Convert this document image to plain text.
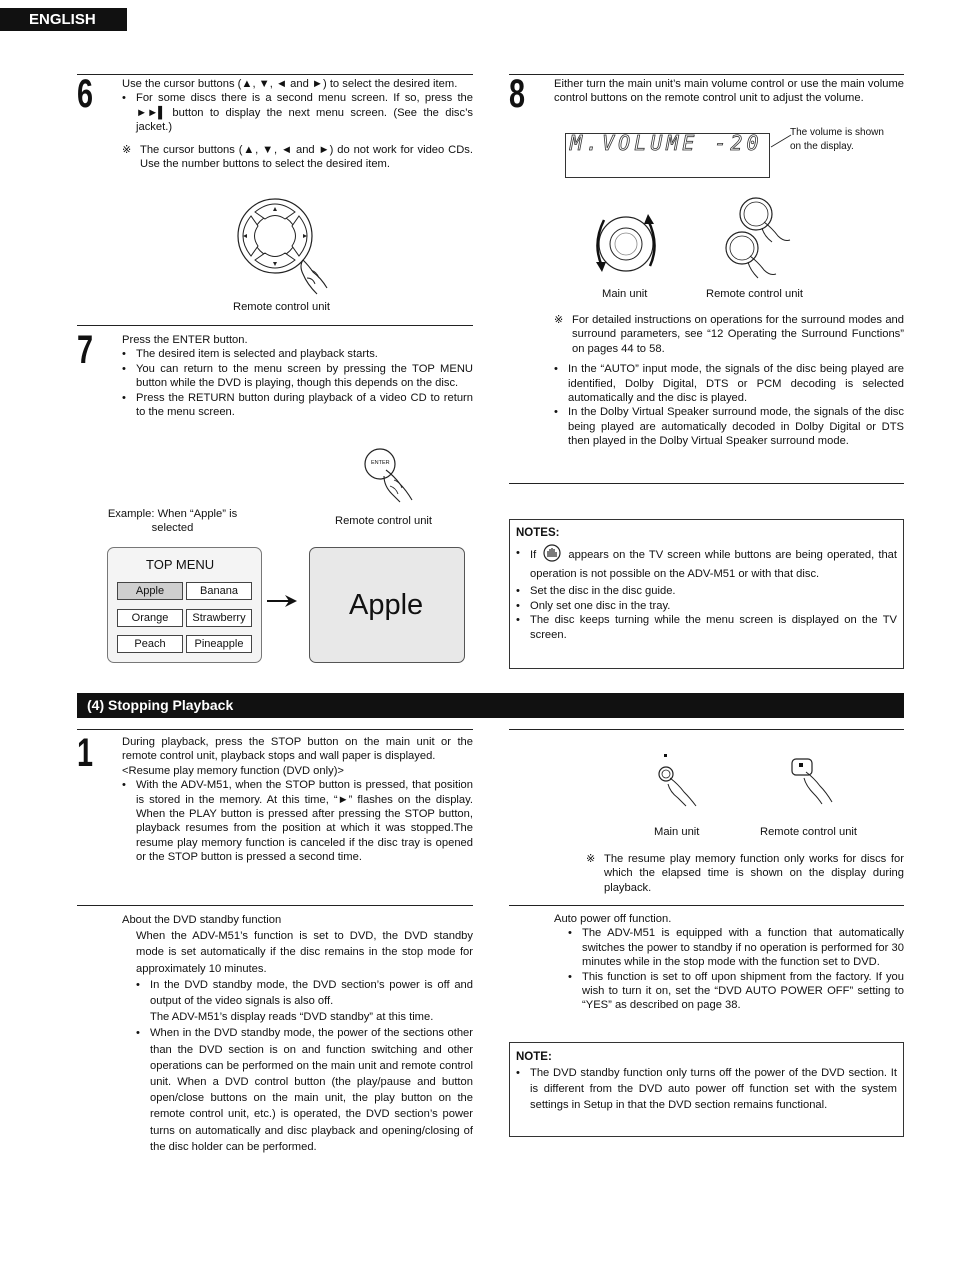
ENGLISH
6	Use the cursor buttons (▲, ▼, ◄ and ►) to select the desired item.

• For some discs there is a second menu screen. If so, press the ►►▌ button to display the next menu screen. (See the disc’s jacket.)

※ The cursor buttons (▲, ▼, ◄ and ►) do not work for video CDs. Use the number buttons to select the desired item.

Remote control unit
7	Press the ENTER button.

• The desired item is selected and playback starts.

• You can return to the menu screen by pressing the TOP MENU button while the DVD is playing, though this depends on the disc.

• Press the RETURN button during playback of a video CD to return to the menu screen.

ENTER
Remote control unit
Example: When “Apple” is
selected
TOP MENU
Apple	Banana
Orange	Strawberry
Peach	Pineapple
Apple
8	Either turn the main unit’s main volume control or use the main volume control buttons on the remote control unit to adjust the volume.
M.VOLUME -20	The volume is shown
on the display.
Main unit	Remote control unit

※ For detailed instructions on operations for the surround modes and surround parameters, see “12 Operating the Surround Functions” on pages 44 to 58.

• In the “AUTO” input mode, the signals of the disc being played are identified, Dolby Digital, DTS or PCM decoding is selected automatically and the disc is played.

• In the Dolby Virtual Speaker surround mode, the signals of the disc being played are automatically decoded in Dolby Digital or DTS then played in the Dolby Virtual Speaker surround mode.

NOTES:

• If	appears on the TV screen while buttons are being operated, that operation is not possible on the ADV-M51 or with that disc.

• Set the disc in the disc guide.

• Only set one disc in the tray.

• The disc keeps turning while the menu screen is displayed on the TV screen.

(4) Stopping Playback
1	During playback, press the STOP button on the main unit or the remote control unit, playback stops and wall paper is displayed.

<Resume play memory function (DVD only)>

• With the ADV-M51, when the STOP button is pressed, that position is stored in the memory. At this time, “►” flashes on the display. When the PLAY button is pressed after pressing the STOP button, playback resumes from the position at which it was stopped.The resume play memory function is canceled if the disc tray is opened or the STOP button is pressed a second time.

Main unit	Remote control unit

※ The resume play memory function only works for discs for which the elapsed time is shown on the display during playback.

About the DVD standby function

When the ADV-M51’s function is set to DVD, the DVD standby mode is set automatically if the disc remains in the stop mode for approximately 10 minutes.

• In the DVD standby mode, the DVD section’s power is off and output of the video signals is also off.

The ADV-M51’s display reads “DVD standby” at this time.

• When in the DVD standby mode, the power of the sections other than the DVD section is on and function switching and other operations can be performed on the main unit and remote control unit. When a DVD control button (the play/pause and button open/close buttons on the main unit, the play button on the remote control unit, etc.) is operated, the DVD section’s power turns on automatically and disc playback and opening/closing of the disc holder can be performed.

Auto power off function.

• The ADV-M51 is equipped with a function that automatically switches the power to standby if no operation is performed for 30 minutes while in the stop mode with the function set to DVD.

• This function is set to off upon shipment from the factory. If you wish to turn it on, set the “DVD AUTO POWER OFF” setting to “YES” as described on page 38.

NOTE:

• The DVD standby function only turns off the power of the DVD section. It is different from the DVD auto power off function set with the system settings in Setup in that the DVD section remains functional.
